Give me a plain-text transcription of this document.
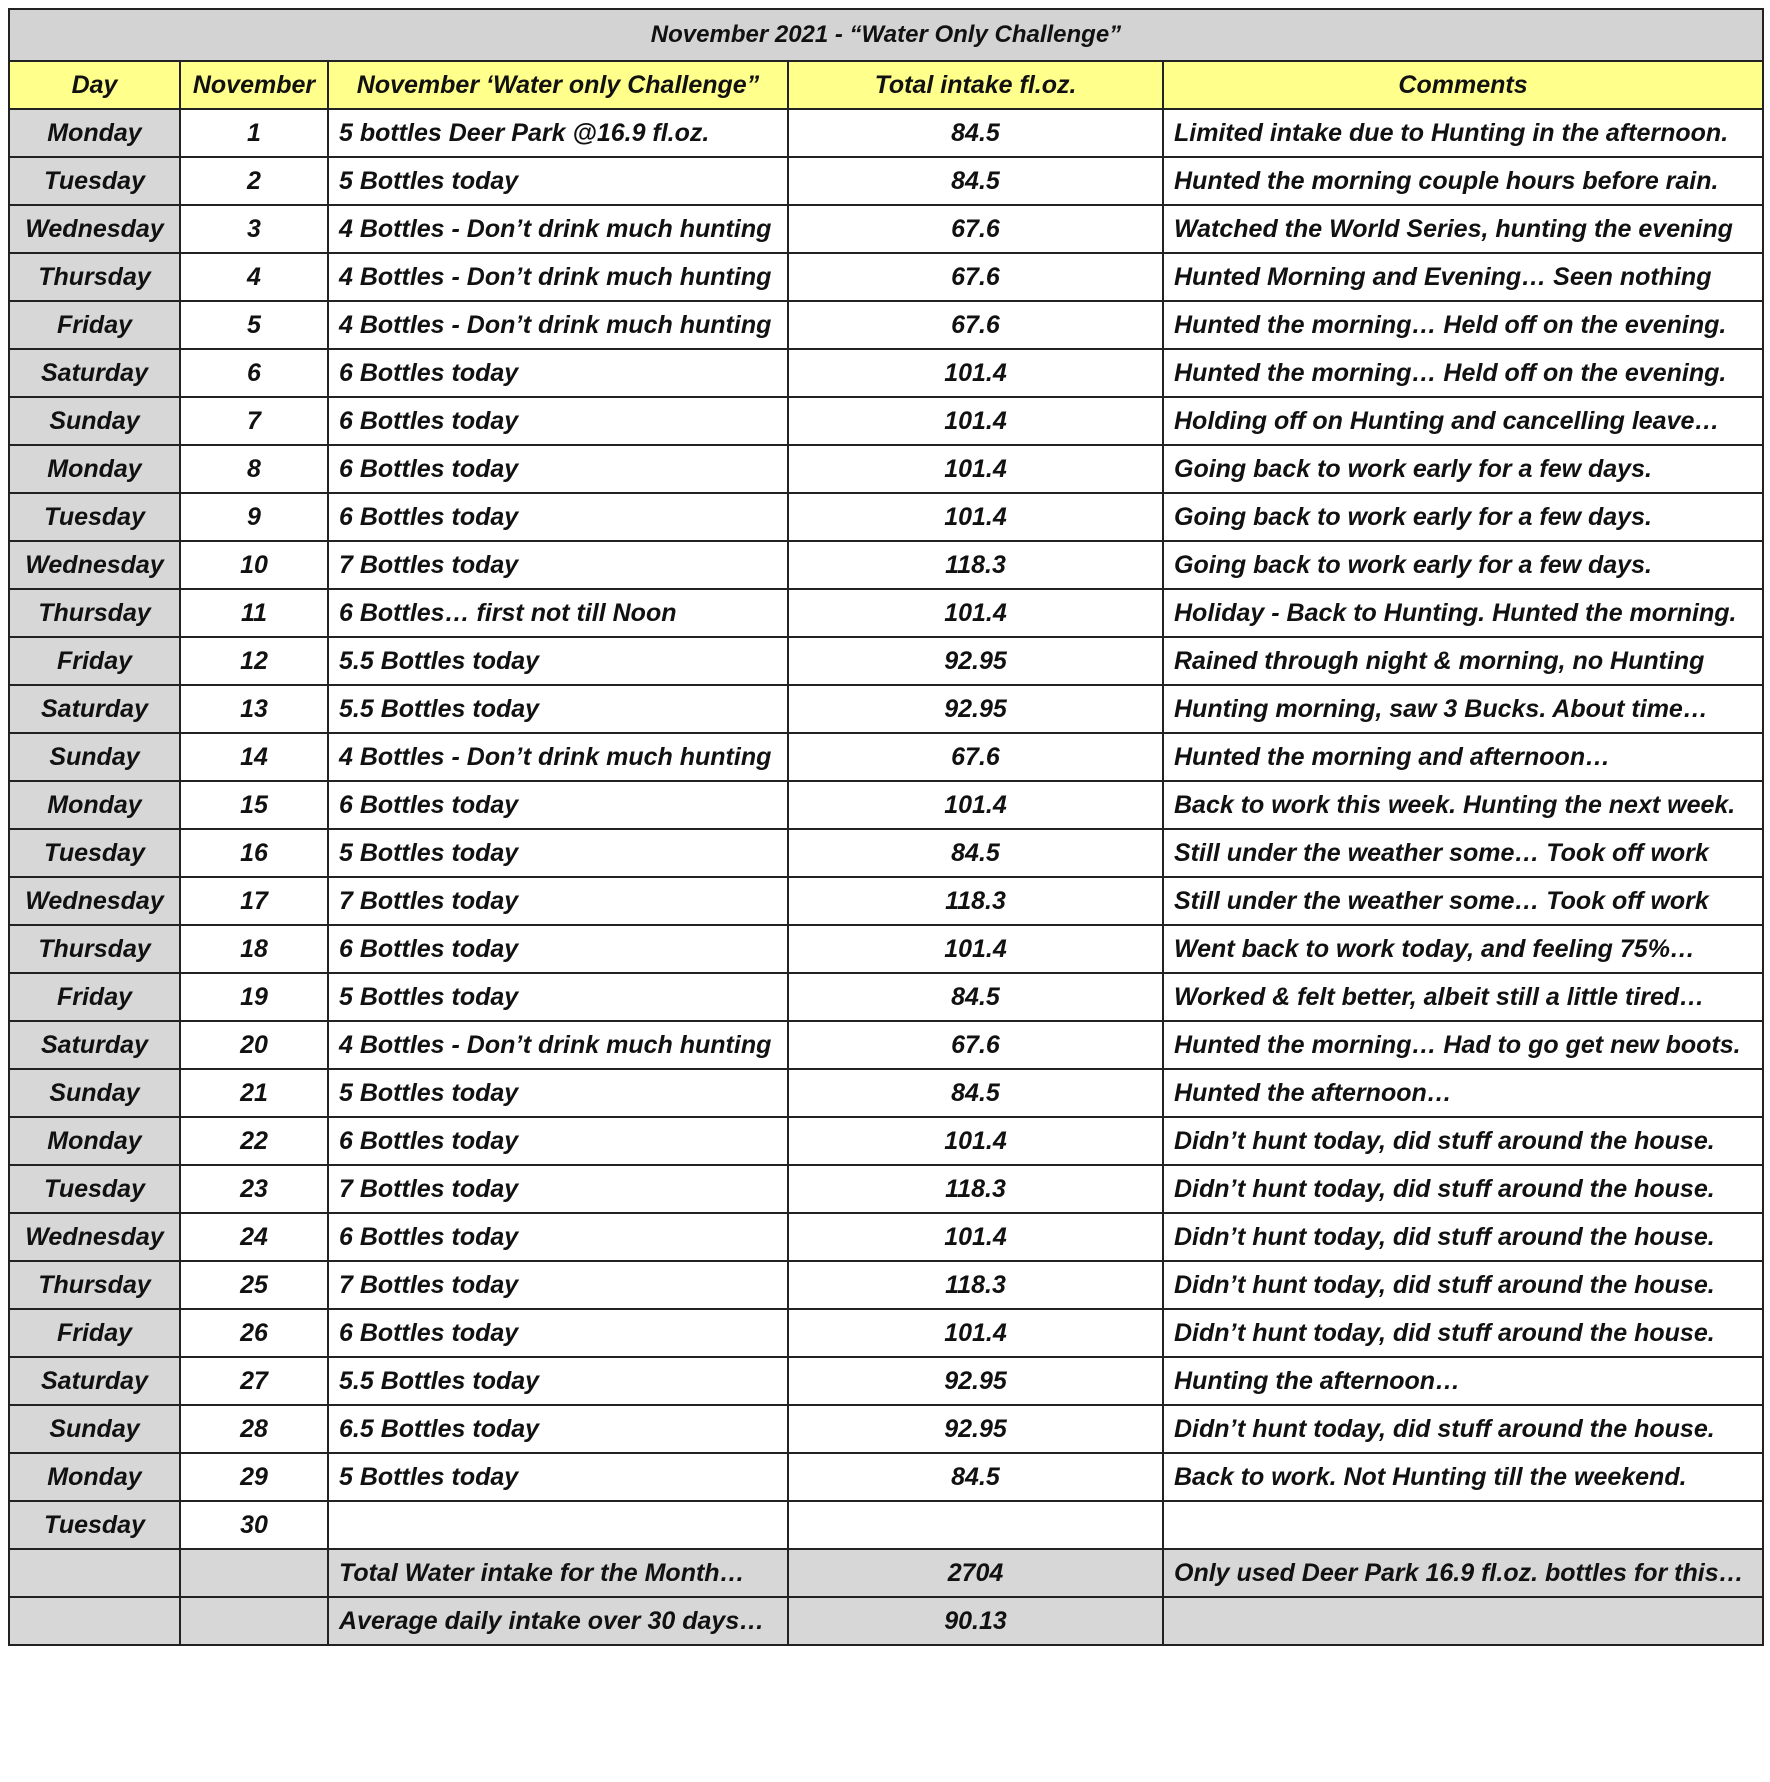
November 2021 - “Water Only Challenge”				
Day	November	November ‘Water only Challenge”	Total intake fl.oz.	Comments
Monday	1	5 bottles Deer Park @16.9 fl.oz.	84.5	Limited intake due to Hunting in the afternoon.
Tuesday	2	5 Bottles today	84.5	Hunted the morning couple hours before rain.
Wednesday	3	4 Bottles - Don’t drink much hunting	67.6	Watched the World Series, hunting the evening
Thursday	4	4 Bottles - Don’t drink much hunting	67.6	Hunted Morning and Evening… Seen nothing
Friday	5	4 Bottles - Don’t drink much hunting	67.6	Hunted the morning… Held off on the evening.
Saturday	6	6 Bottles today	101.4	Hunted the morning… Held off on the evening.
Sunday	7	6 Bottles today	101.4	Holding off on Hunting and cancelling leave…
Monday	8	6 Bottles today	101.4	Going back to work early for a few days.
Tuesday	9	6 Bottles today	101.4	Going back to work early for a few days.
Wednesday	10	7 Bottles today	118.3	Going back to work early for a few days.
Thursday	11	6 Bottles… first not till Noon	101.4	Holiday - Back to Hunting. Hunted the morning.
Friday	12	5.5 Bottles today	92.95	Rained through night & morning, no Hunting
Saturday	13	5.5 Bottles today	92.95	Hunting morning, saw 3 Bucks. About time…
Sunday	14	4 Bottles - Don’t drink much hunting	67.6	Hunted the morning and afternoon…
Monday	15	6 Bottles today	101.4	Back to work this week. Hunting the next week.
Tuesday	16	5 Bottles today	84.5	Still under the weather some… Took off work
Wednesday	17	7 Bottles today	118.3	Still under the weather some… Took off work
Thursday	18	6 Bottles today	101.4	Went back to work today, and feeling 75%…
Friday	19	5 Bottles today	84.5	Worked & felt better, albeit still a little tired…
Saturday	20	4 Bottles - Don’t drink much hunting	67.6	Hunted the morning… Had to go get new boots.
Sunday	21	5 Bottles today	84.5	Hunted the afternoon…
Monday	22	6 Bottles today	101.4	Didn’t hunt today, did stuff around the house.
Tuesday	23	7 Bottles today	118.3	Didn’t hunt today, did stuff around the house.
Wednesday	24	6 Bottles today	101.4	Didn’t hunt today, did stuff around the house.
Thursday	25	7 Bottles today	118.3	Didn’t hunt today, did stuff around the house.
Friday	26	6 Bottles today	101.4	Didn’t hunt today, did stuff around the house.
Saturday	27	5.5 Bottles today	92.95	Hunting the afternoon…
Sunday	28	6.5 Bottles today	92.95	Didn’t hunt today, did stuff around the house.
Monday	29	5 Bottles today	84.5	Back to work. Not Hunting till the weekend.
Tuesday	30			
		Total Water intake for the Month…	2704	Only used Deer Park 16.9 fl.oz. bottles for this…
		Average daily intake over 30 days…	90.13	
